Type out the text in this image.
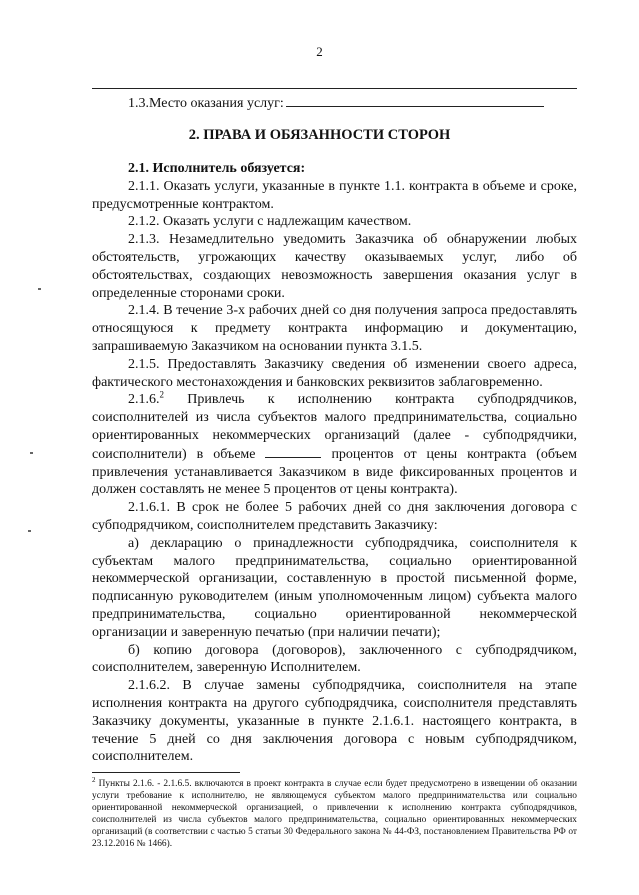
2
1.3.Место оказания услуг:
2. ПРАВА И ОБЯЗАННОСТИ СТОРОН

2.1. Исполнитель обязуется:

2.1.1. Оказать услуги, указанные в пункте 1.1. контракта в объеме и сроке, предусмотренные контрактом.

2.1.2. Оказать услуги с надлежащим качеством.

2.1.3. Незамедлительно уведомить Заказчика об обнаружении любых обстоятельств, угрожающих качеству оказываемых услуг, либо об обстоятельствах, создающих невозможность завершения оказания услуг в определенные сторонами сроки.

2.1.4. В течение 3-х рабочих дней со дня получения запроса предоставлять относящуюся к предмету контракта информацию и документацию, запрашиваемую Заказчиком на основании пункта 3.1.5.

2.1.5. Предоставлять Заказчику сведения об изменении своего адреса, фактического местонахождения и банковских реквизитов заблаговременно.

2.1.6.$^2$ Привлечь к исполнению контракта субподрядчиков, соисполнителей из числа субъектов малого предпринимательства, социально ориентированных некоммерческих организаций (далее - субподрядчики, соисполнители) в объеме	процентов от цены контракта (объем привлечения устанавливается Заказчиком в виде фиксированных процентов и должен составлять не менее 5 процентов от цены контракта).

2.1.6.1. В срок не более 5 рабочих дней со дня заключения договора с субподрядчиком, соисполнителем представить Заказчику:

а) декларацию о принадлежности субподрядчика, соисполнителя к субъектам малого предпринимательства, социально ориентированной некоммерческой организации, составленную в простой письменной форме, подписанную руководителем (иным уполномоченным лицом) субъекта малого предпринимательства, социально ориентированной некоммерческой организации и заверенную печатью (при наличии печати);

б) копию договора (договоров), заключенного с субподрядчиком, соисполнителем, заверенную Исполнителем.

2.1.6.2. В случае замены субподрядчика, соисполнителя на этапе исполнения контракта на другого субподрядчика, соисполнителя представлять Заказчику документы, указанные в пункте 2.1.6.1. настоящего контракта, в течение 5 дней со дня заключения договора с новым субподрядчиком, соисполнителем.

$^2$ Пункты 2.1.6. - 2.1.6.5. включаются в проект контракта в случае если будет предусмотрено в извещении об оказании услуги требование к исполнителю, не являющемуся субъектом малого предпринимательства или социально ориентированной некоммерческой организацией, о привлечении к исполнению контракта субподрядчиков, соисполнителей из числа субъектов малого предпринимательства, социально ориентированных некоммерческих организаций (в соответствии с частью 5 статьи 30 Федерального закона № 44-ФЗ, постановлением Правительства РФ от 23.12.2016 № 1466).
